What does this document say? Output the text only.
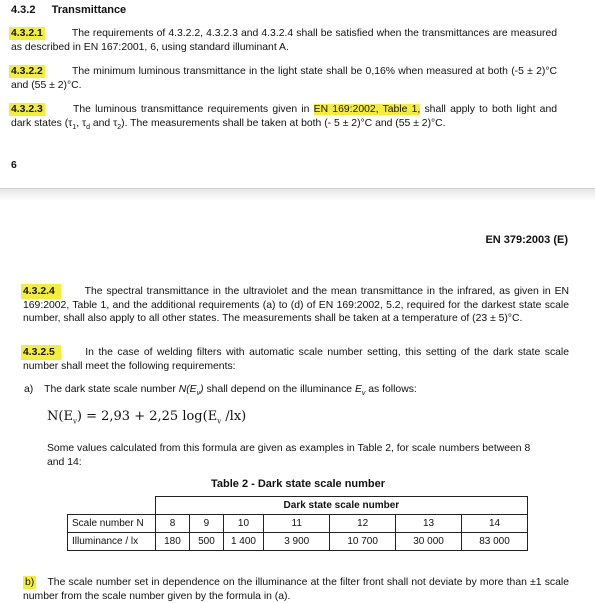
4.3.2 Transmittance

4.3.2.1	The requirements of 4.3.2.2, 4.3.2.3 and 4.3.2.4 shall be satisfied when the transmittances are measured as described in EN 167:2001, 6, using standard illuminant A.

4.3.2.2	The minimum luminous transmittance in the light state shall be 0,16% when measured at both (-5 ± 2)°C and (55 ± 2)°C.

4.3.2.3	The luminous transmittance requirements given in EN 169:2002, Table 1, shall apply to both light and dark states ($\tau_1$, $\tau_d$ and $\tau_2$). The measurements shall be taken at both (- 5 ± 2)°C and (55 ± 2)°C.

6
EN 379:2003 (E)

4.3.2.4	The spectral transmittance in the ultraviolet and the mean transmittance in the infrared, as given in EN 169:2002, Table 1, and the additional requirements (a) to (d) of EN 169:2002, 5.2, required for the darkest state scale number, shall also apply to all other states. The measurements shall be taken at a temperature of (23 ± 5)°C.

4.3.2.5	In the case of welding filters with automatic scale number setting, this setting of the dark state scale number shall meet the following requirements:

a) The dark state scale number $N(E_v)$ shall depend on the illuminance $E_v$ as follows:
$N(E_v) = 2,93 + 2,25$ $\log(E_v$ /lx)
Some values calculated from this formula are given as examples in Table 2, for scale numbers between 8 and 14:
Table 2 - Dark state scale number
	Dark state scale number						
Scale number N	8	9	10	11	12	13	14
Illuminance / lx	180	500	1 400	3 900	10 700	30 000	83 000

b) The scale number set in dependence on the illuminance at the filter front shall not deviate by more than ±1 scale number from the scale number given by the formula in (a).
